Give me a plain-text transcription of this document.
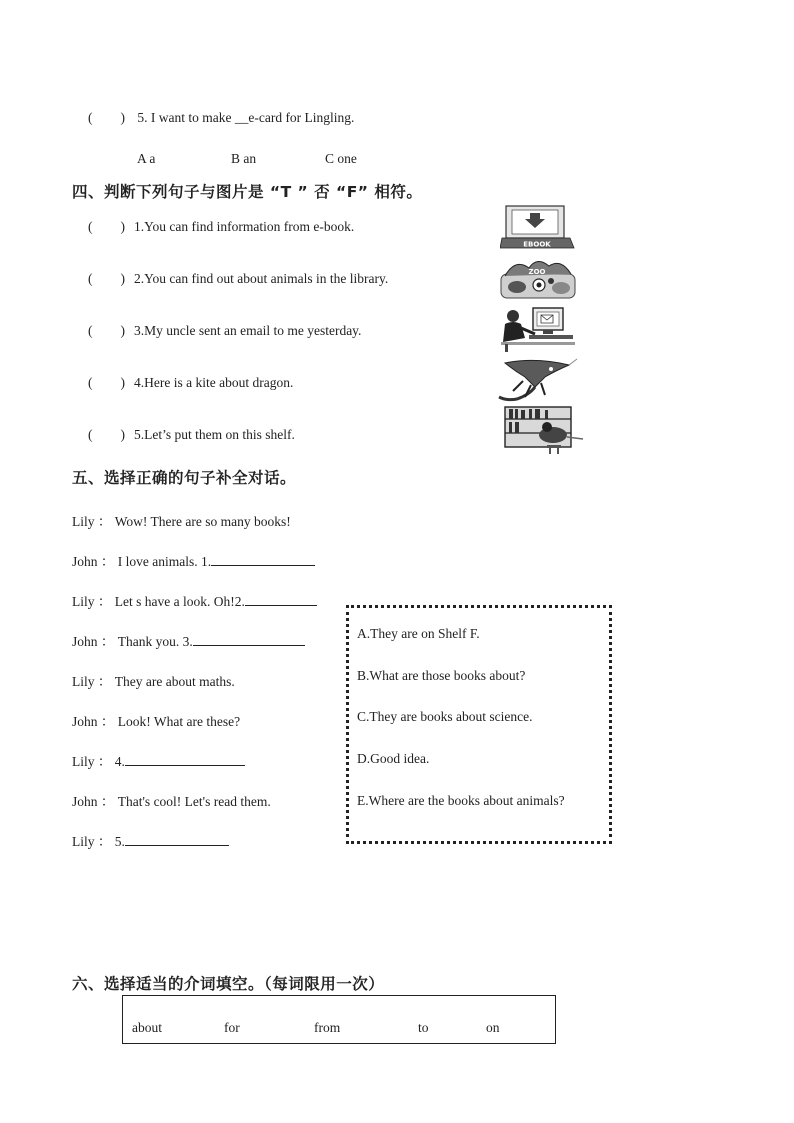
( ) 5. I want to make __e-card for Lingling.
A a	B an	C one
四、判断下列句子与图片是 “T ” 否 “F” 相符。
( ) 1.You can find information from e-book.
( ) 2.You can find out about animals in the library.
( ) 3.My uncle sent an email to me yesterday.
( ) 4.Here is a kite about dragon.
( ) 5.Let’s put them on this shelf.
EBOOK
ZOO
五、选择正确的句子补全对话。
Lily ： Wow! There are so many books!
John ： I love animals. 1.
Lily ： Let s have a look. Oh!2.
John ： Thank you. 3.
Lily ： They are about maths.
John ： Look! What are these?
Lily ： 4.
John ： That's cool! Let's read them.
Lily ： 5.
A.They are on Shelf F.
B.What are those books about?
C.They are books about science.
D.Good idea.
E.Where are the books about animals?
六、选择适当的介词填空。（每词限用一次）
about	for	from	to	on
